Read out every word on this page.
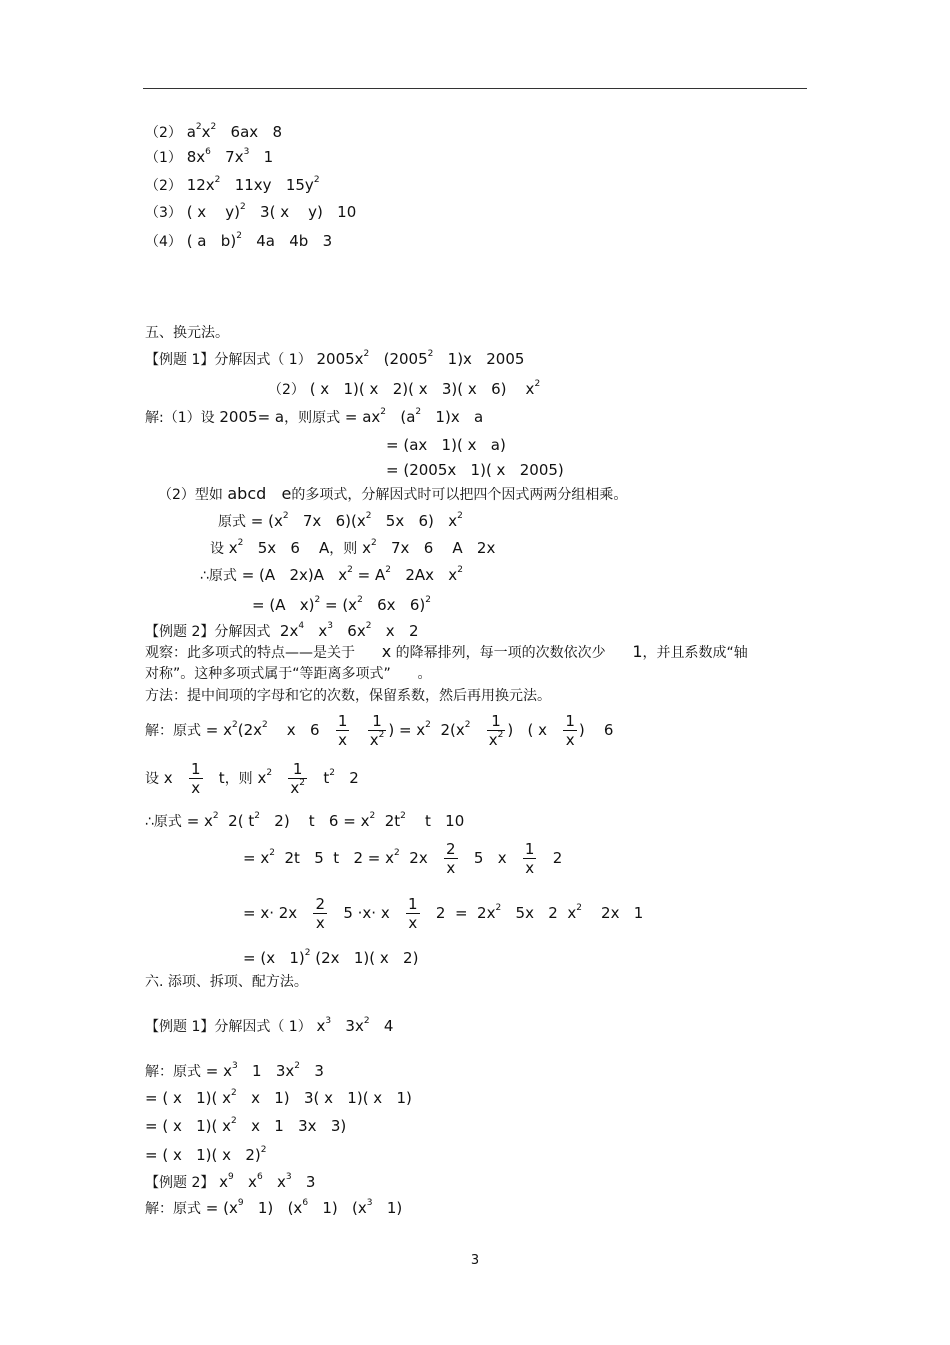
（2） $a^2x^2$   6ax   8
（1） $8x^6$   $7x^3$   1
（2） $12x^2$   11xy   $15y^2$
（3） ( x    y)$^2$   3( x    y)   10
（4） ( a   b)$^2$   4a   4b   3
五、换元法。
【例题 1】分解因式（ 1） $2005x^2$   (2005$^2$   1)x   2005
（2） ( x   1)( x   2)( x   3)( x   6)    $x^2$
解:（1）设 2005= a，则原式 = $ax^2$   ($a^2$   1)x   a
= (ax   1)( x   a)
= (2005x   1)( x   2005)
（2）型如 abcd   e的多项式，分解因式时可以把四个因式两两分组相乘。
原式 = ($x^2$   7x   $6)(x^2$   5x   6)   $x^2$
设 $x^2$   5x   6    A，则 $x^2$   7x   6    A   2x
∴原式 = (A   2x)A   $x^2 = A^2$   2Ax   $x^2$
= (A   $x)^2 = (x^2$   6x   6)$^2$
【例题 2】分解因式  $2x^4$   $x^3$   $6x^2$   x   2
观察：此多项式的特点——是关于      x 的降幂排列，每一项的次数依次少      1，并且系数成“轴
对称”。这种多项式属于“等距离多项式”      。
方法：提中间项的字母和它的次数，保留系数，然后再用换元法。
解：原式 = $x^2(2x^2$    x   $6 \frac{1}{x}$
$\frac{1}{x^2}$ ) = $x^2$  $2(x^2 \frac{1}{x^2}$ )   ( x $\frac{1}{x}$ )    6
设 x $\frac{1}{x}$ t，则 $x^2 \frac{1}{x^2} t^2$   2
∴原式 = $x^2$  2( $t^2$   2)    t   $6 = x^2$  $2t^2$    t   10
= $x^2$  2t   5  t   $2 = x^2$  $2x \frac{2}{x} 5$   x $\frac{1}{x} 2$
= $x\cdot 2x \frac{2}{x} 5 \cdot x\cdot x \frac{1}{x} 2 = 2x^2$   5x   2  $x^2$    2x   1
= (x   1)$^2$ (2x   1)( x   2)
六. 添项、拆项、配方法。
【例题 1】分解因式（ 1） $x^3$   $3x^2$   4
解：原式 = $x^3$   1   $3x^2$   3
= ( x   1)( $x^2$   x   1)   3( x   1)( x   1)
= ( x   1)( $x^2$   x   1   3x   3)
= ( x   1)( x   2)$^2$
【例题 2】 $x^9$   $x^6$   $x^3$   3
解：原式 = ($x^9$   1)   ($x^6$   1)   ($x^3$   1)
3
